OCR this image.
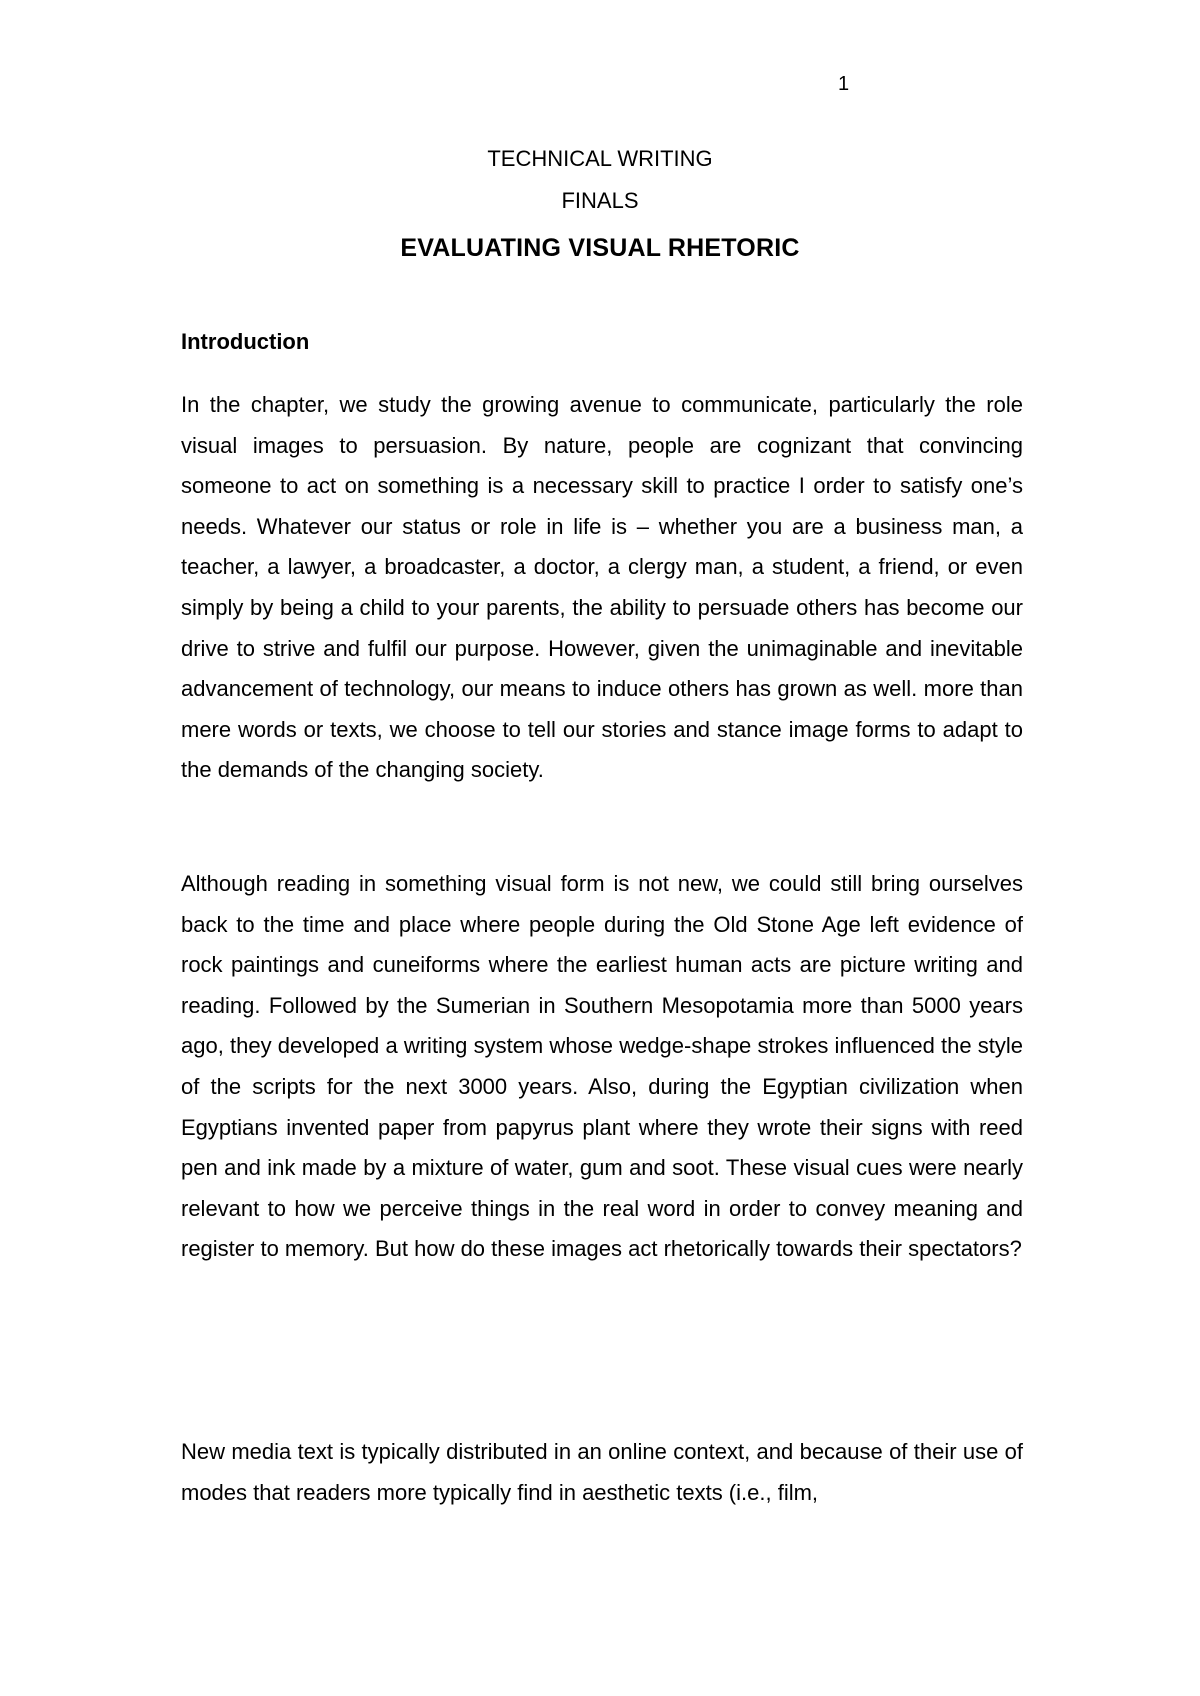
1
TECHNICAL WRITING
FINALS
EVALUATING VISUAL RHETORIC
Introduction

In the chapter, we study the growing avenue to communicate, particularly the role visual images to persuasion. By nature, people are cognizant that convincing someone to act on something is a necessary skill to practice I order to satisfy one’s needs. Whatever our status or role in life is – whether you are a business man, a teacher, a lawyer, a broadcaster, a doctor, a clergy man, a student, a friend, or even simply by being a child to your parents, the ability to persuade others has become our drive to strive and fulfil our purpose. However, given the unimaginable and inevitable advancement of technology, our means to induce others has grown as well. more than mere words or texts, we choose to tell our stories and stance image forms to adapt to the demands of the changing society.

Although reading in something visual form is not new, we could still bring ourselves back to the time and place where people during the Old Stone Age left evidence of rock paintings and cuneiforms where the earliest human acts are picture writing and reading. Followed by the Sumerian in Southern Mesopotamia more than 5000 years ago, they developed a writing system whose wedge-shape strokes influenced the style of the scripts for the next 3000 years. Also, during the Egyptian civilization when Egyptians invented paper from papyrus plant where they wrote their signs with reed pen and ink made by a mixture of water, gum and soot. These visual cues were nearly relevant to how we perceive things in the real word in order to convey meaning and register to memory. But how do these images act rhetorically towards their spectators?

New media text is typically distributed in an online context, and because of their use of modes that readers more typically find in aesthetic texts (i.e., film,
